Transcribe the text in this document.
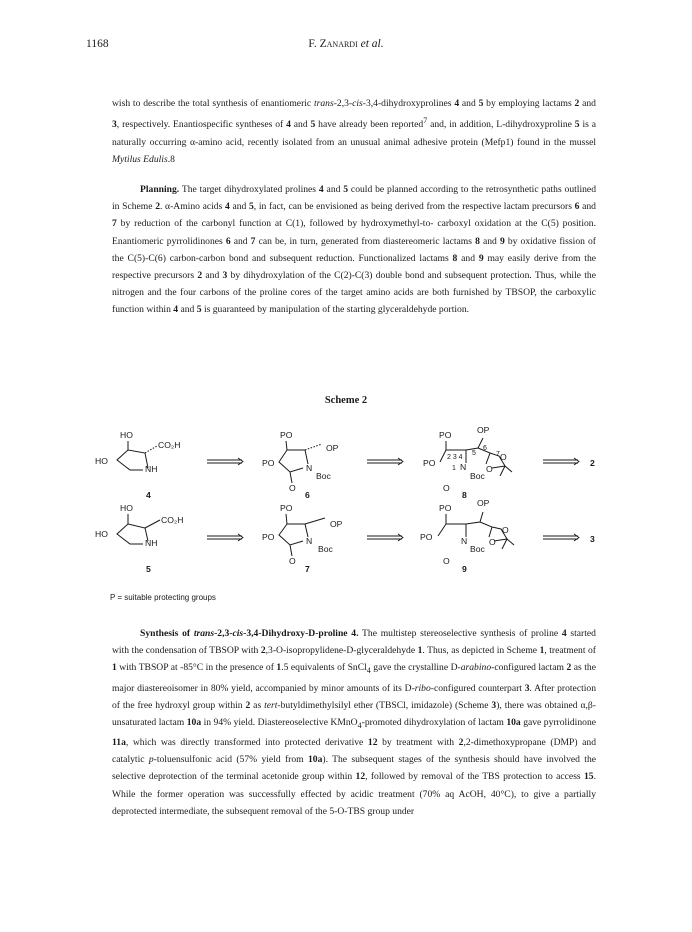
1168	F. Zanardi et al.
wish to describe the total synthesis of enantiomeric trans-2,3-cis-3,4-dihydroxyprolines 4 and 5 by employing lactams 2 and 3, respectively. Enantiospecific syntheses of 4 and 5 have already been reported$^7$ and, in addition, L-dihydroxyproline 5 is a naturally occurring α-amino acid, recently isolated from an unusual animal adhesive protein (Mefp1) found in the mussel Mytilus Edulis.8
Planning. The target dihydroxylated prolines 4 and 5 could be planned according to the retrosynthetic paths outlined in Scheme 2. α-Amino acids 4 and 5, in fact, can be envisioned as being derived from the respective lactam precursors 6 and 7 by reduction of the carbonyl function at C(1), followed by hydroxymethyl-to- carboxyl oxidation at the C(5) position. Enantiomeric pyrrolidinones 6 and 7 can be, in turn, generated from diastereomeric lactams 8 and 9 by oxidative fission of the C(5)-C(6) carbon-carbon bond and subsequent reduction. Functionalized lactams 8 and 9 may easily derive from the respective precursors 2 and 3 by dihydroxylation of the C(2)-C(3) double bond and subsequent protection. Thus, while the nitrogen and the four carbons of the proline cores of the target amino acids are both furnished by TBSOP, the carboxylic function within 4 and 5 is guaranteed by manipulation of the starting glyceraldehyde portion.
Scheme 2
HO
HO
CO₂H
NH
4
PO
PO
OP
N
Boc
O
6
PO	OP
PO
2 3 4
5
6
7
N
1
Boc
O
O
O
8
2
HO
HO
CO₂H
NH
5
PO
PO
OP
N
Boc
O
7
PO	OP
PO	N
Boc
O
O
O
9
3
P = suitable protecting groups
Synthesis of trans-2,3-cis-3,4-Dihydroxy-D-proline 4. The multistep stereoselective synthesis of proline 4 started with the condensation of TBSOP with 2,3-O-isopropylidene-D-glyceraldehyde 1. Thus, as depicted in Scheme 1, treatment of 1 with TBSOP at -85°C in the presence of 1.5 equivalents of SnCl$_4$ gave the crystalline D-arabino-configured lactam 2 as the major diastereoisomer in 80% yield, accompanied by minor amounts of its D-ribo-configured counterpart 3. After protection of the free hydroxyl group within 2 as tert-butyldimethylsilyl ether (TBSCl, imidazole) (Scheme 3), there was obtained α,β-unsaturated lactam 10a in 94% yield. Diastereoselective KMnO$_4$-promoted dihydroxylation of lactam 10a gave pyrrolidinone 11a, which was directly transformed into protected derivative 12 by treatment with 2,2-dimethoxypropane (DMP) and catalytic p-toluensulfonic acid (57% yield from 10a). The subsequent stages of the synthesis should have involved the selective deprotection of the terminal acetonide group within 12, followed by removal of the TBS protection to access 15. While the former operation was successfully effected by acidic treatment (70% aq AcOH, 40°C), to give a partially deprotected intermediate, the subsequent removal of the 5-O-TBS group under
